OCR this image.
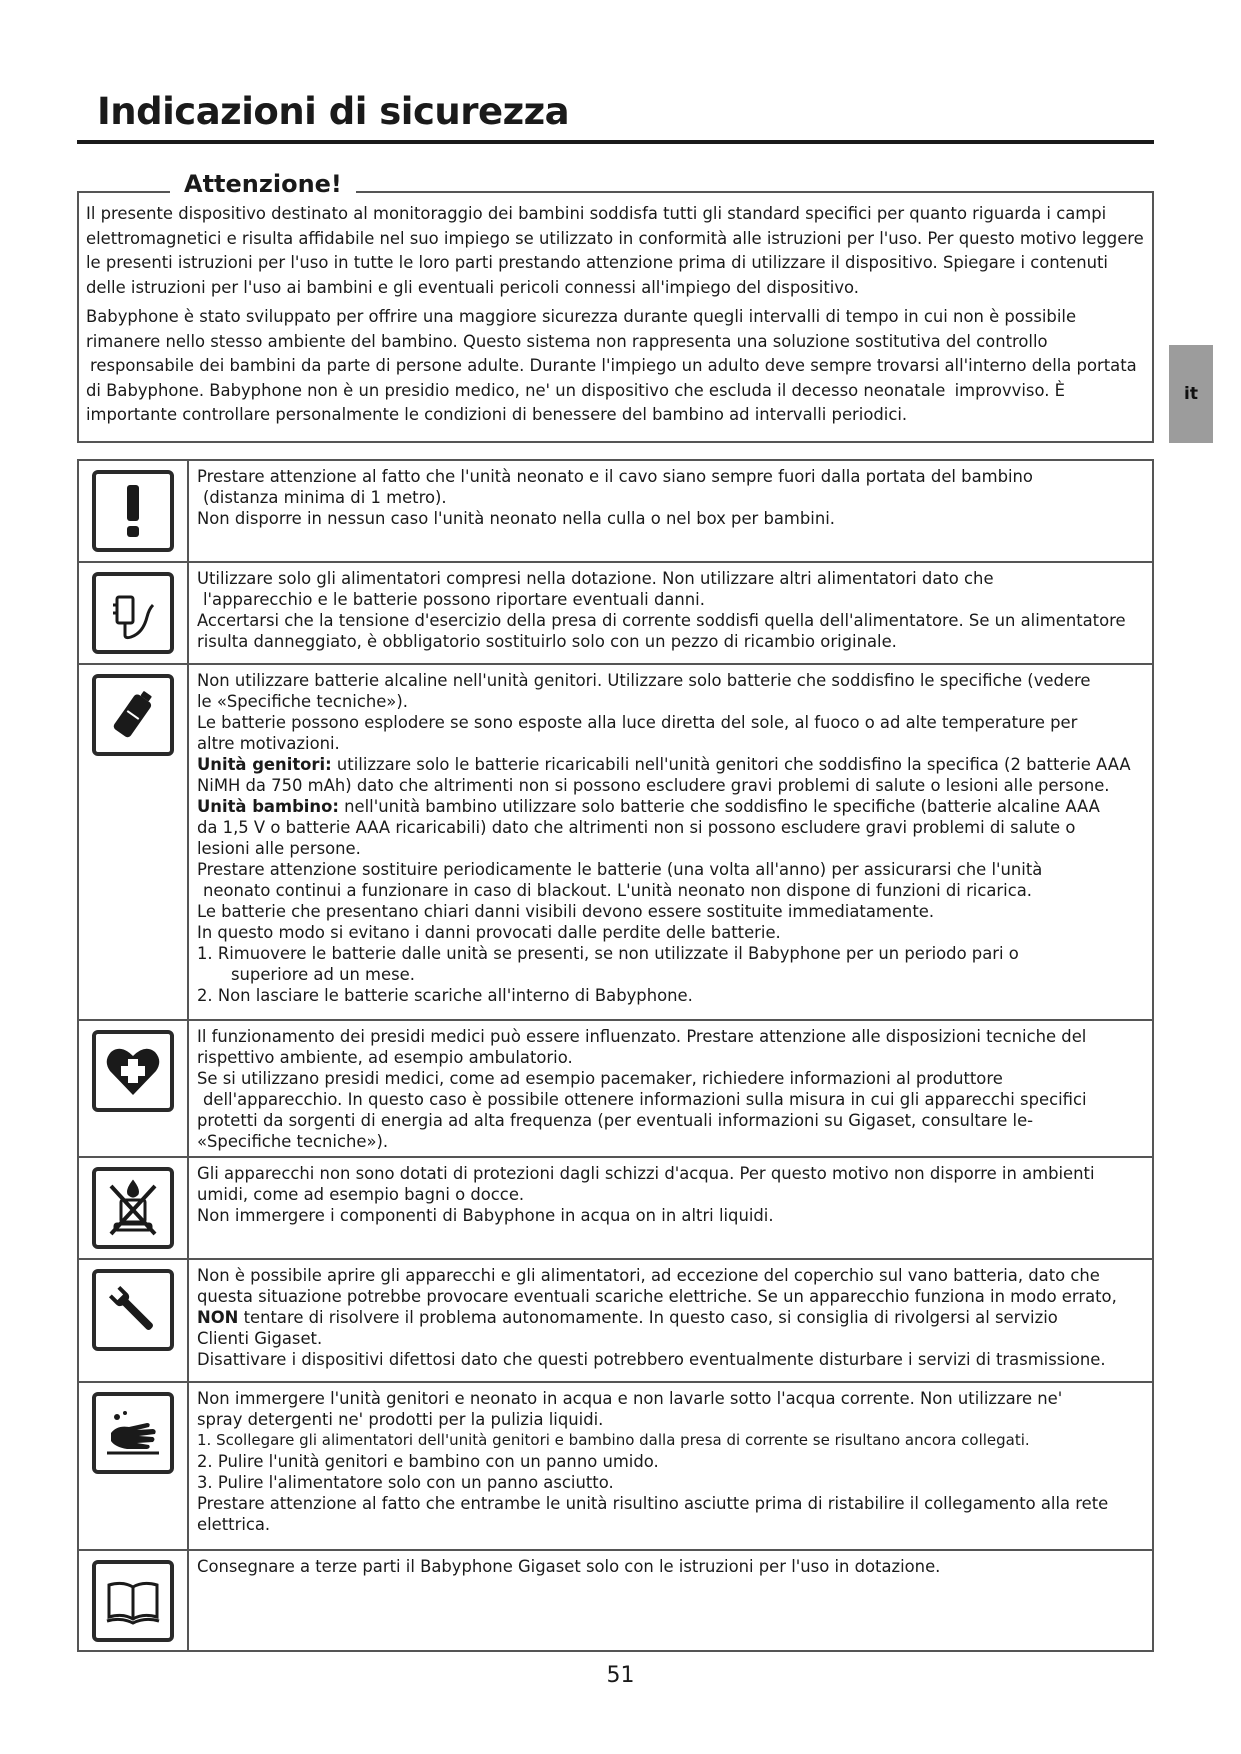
Indicazioni di sicurezza

Il presente dispositivo destinato al monitoraggio dei bambini soddisfa tutti gli standard specifici per quanto riguarda i campi elettromagnetici e risulta affidabile nel suo impiego se utilizzato in conformità alle istruzioni per l'uso. Per questo motivo leggere le presenti istruzioni per l'uso in tutte le loro parti prestando attenzione prima di utilizzare il dispositivo. Spiegare i contenuti delle istruzioni per l'uso ai bambini e gli eventuali pericoli connessi all'impiego del dispositivo.

Babyphone è stato sviluppato per offrire una maggiore sicurezza durante quegli intervalli di tempo in cui non è possibile rimanere nello stesso ambiente del bambino. Questo sistema non rappresenta una soluzione sostitutiva del controllo responsabile dei bambini da parte di persone adulte. Durante l'impiego un adulto deve sempre trovarsi all'interno della portata di Babyphone. Babyphone non è un presidio medico, ne' un dispositivo che escluda il decesso neonatale improvviso. È importante controllare personalmente le condizioni di benessere del bambino ad intervalli periodici.

Attenzione!
it
Prestare attenzione al fatto che l'unità neonato e il cavo siano sempre fuori dalla portata del bambino
(distanza minima di 1 metro).
Non disporre in nessun caso l'unità neonato nella culla o nel box per bambini.
Utilizzare solo gli alimentatori compresi nella dotazione. Non utilizzare altri alimentatori dato che
l'apparecchio e le batterie possono riportare eventuali danni.
Accertarsi che la tensione d'esercizio della presa di corrente soddisfi quella dell'alimentatore. Se un alimentatore
risulta danneggiato, è obbligatorio sostituirlo solo con un pezzo di ricambio originale.
Non utilizzare batterie alcaline nell'unità genitori. Utilizzare solo batterie che soddisfino le specifiche (vedere
le «Specifiche tecniche»).
Le batterie possono esplodere se sono esposte alla luce diretta del sole, al fuoco o ad alte temperature per
altre motivazioni.
Unità genitori: utilizzare solo le batterie ricaricabili nell'unità genitori che soddisfino la specifica (2 batterie AAA
NiMH da 750 mAh) dato che altrimenti non si possono escludere gravi problemi di salute o lesioni alle persone.
Unità bambino: nell'unità bambino utilizzare solo batterie che soddisfino le specifiche (batterie alcaline AAA
da 1,5 V o batterie AAA ricaricabili) dato che altrimenti non si possono escludere gravi problemi di salute o
lesioni alle persone.
Prestare attenzione sostituire periodicamente le batterie (una volta all'anno) per assicurarsi che l'unità
neonato continui a funzionare in caso di blackout. L'unità neonato non dispone di funzioni di ricarica.
Le batterie che presentano chiari danni visibili devono essere sostituite immediatamente.
In questo modo si evitano i danni provocati dalle perdite delle batterie.
1. Rimuovere le batterie dalle unità se presenti, se non utilizzate il Babyphone per un periodo pari o
superiore ad un mese.
2. Non lasciare le batterie scariche all'interno di Babyphone.
Il funzionamento dei presidi medici può essere influenzato. Prestare attenzione alle disposizioni tecniche del
rispettivo ambiente, ad esempio ambulatorio.
Se si utilizzano presidi medici, come ad esempio pacemaker, richiedere informazioni al produttore
dell'apparecchio. In questo caso è possibile ottenere informazioni sulla misura in cui gli apparecchi specifici
protetti da sorgenti di energia ad alta frequenza (per eventuali informazioni su Gigaset, consultare le-
«Specifiche tecniche»).
Gli apparecchi non sono dotati di protezioni dagli schizzi d'acqua. Per questo motivo non disporre in ambienti
umidi, come ad esempio bagni o docce.
Non immergere i componenti di Babyphone in acqua on in altri liquidi.
Non è possibile aprire gli apparecchi e gli alimentatori, ad eccezione del coperchio sul vano batteria, dato che
questa situazione potrebbe provocare eventuali scariche elettriche. Se un apparecchio funziona in modo errato,
NON tentare di risolvere il problema autonomamente. In questo caso, si consiglia di rivolgersi al servizio
Clienti Gigaset.
Disattivare i dispositivi difettosi dato che questi potrebbero eventualmente disturbare i servizi di trasmissione.
Non immergere l'unità genitori e neonato in acqua e non lavarle sotto l'acqua corrente. Non utilizzare ne'
spray detergenti ne' prodotti per la pulizia liquidi.
1. Scollegare gli alimentatori dell'unità genitori e bambino dalla presa di corrente se risultano ancora collegati.
2. Pulire l'unità genitori e bambino con un panno umido.
3. Pulire l'alimentatore solo con un panno asciutto.
Prestare attenzione al fatto che entrambe le unità risultino asciutte prima di ristabilire il collegamento alla rete
elettrica.
Consegnare a terze parti il Babyphone Gigaset solo con le istruzioni per l'uso in dotazione.
51
